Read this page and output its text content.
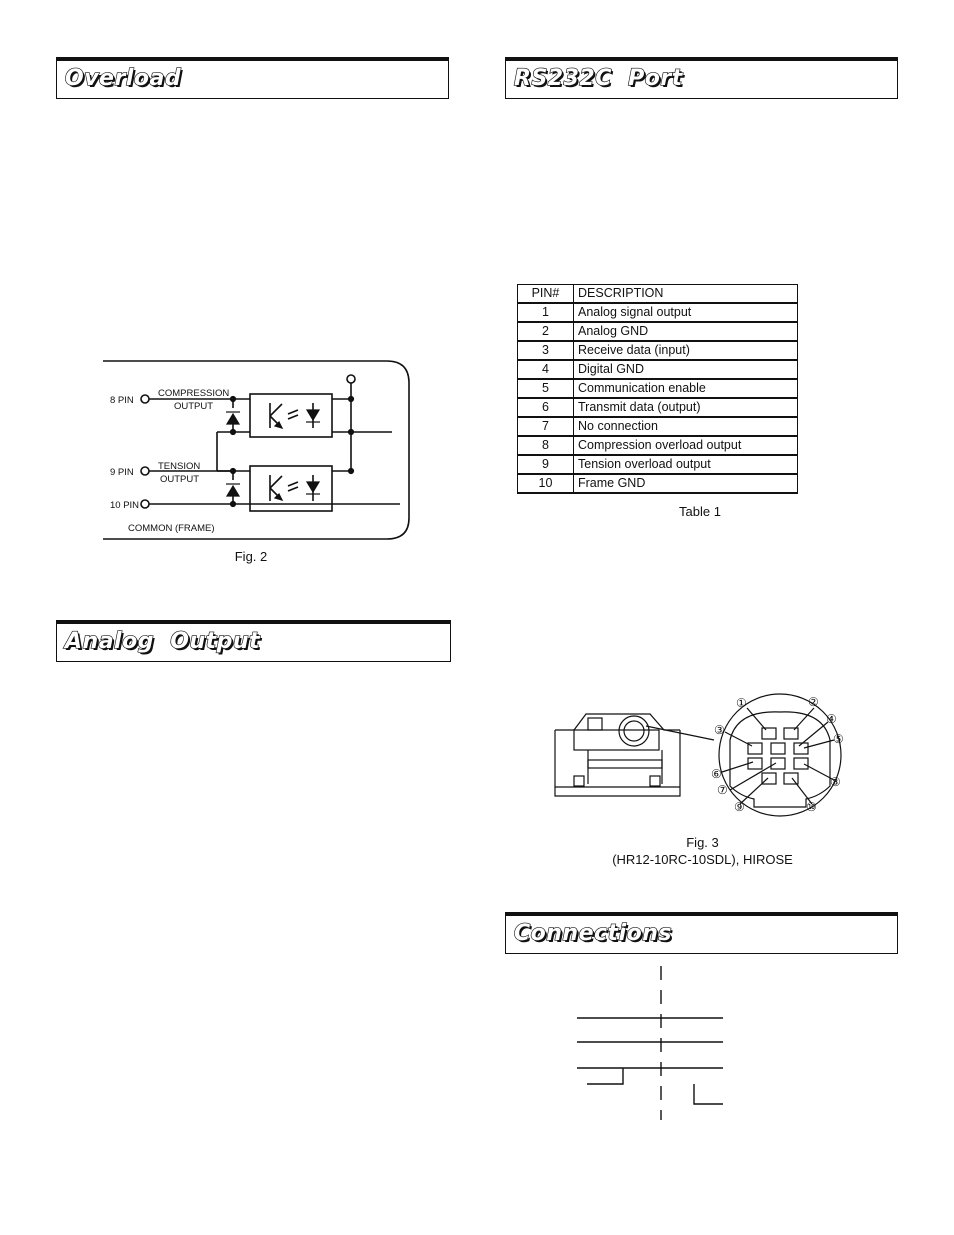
Overload	RS232C  Port
8 PIN
9 PIN
10 PIN
COMPRESSION
OUTPUT
TENSION
OUTPUT
COMMON (FRAME)
Fig. 2
PIN#	DESCRIPTION
1	Analog signal output
2	Analog GND
3	Receive data (input)
4	Digital GND
5	Communication enable
6	Transmit data (output)
7	No connection
8	Compression overload output
9	Tension overload output
10	Frame GND
Table 1
Analog  Output
①	②
③
④
⑤
⑥
⑦
⑧
⑨	⑩
Fig. 3
(HR12-10RC-10SDL), HIROSE
Connections
